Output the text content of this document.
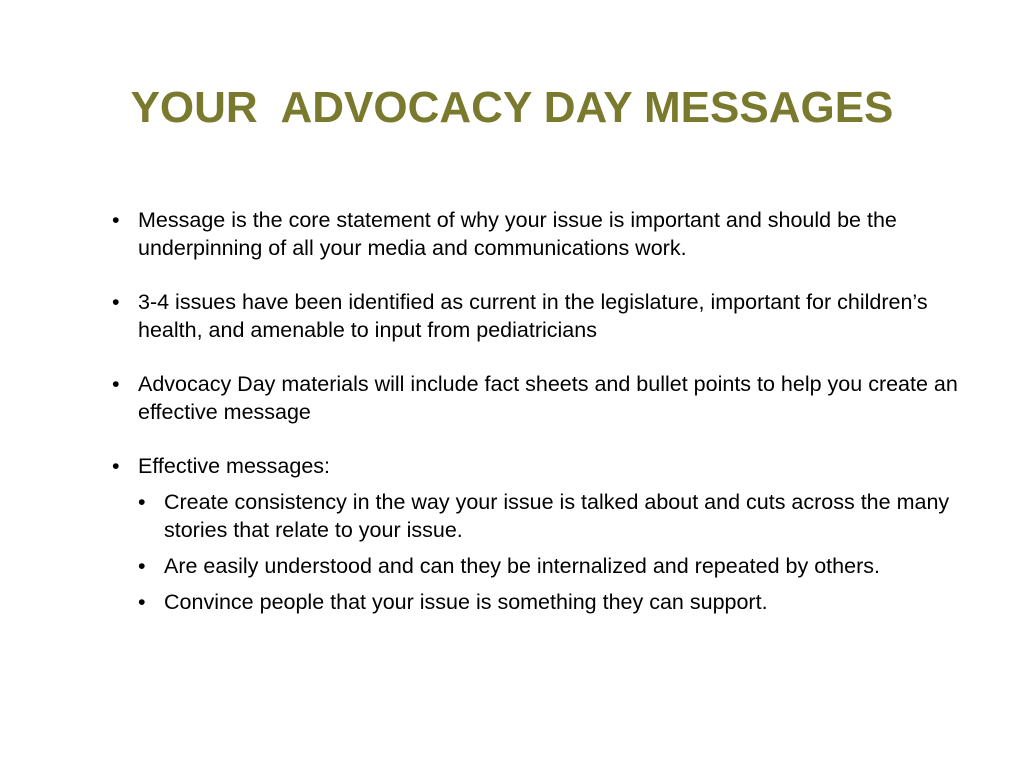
YOUR  ADVOCACY DAY MESSAGES
• Message is the core statement of why your issue is important and should be the underpinning of all your media and communications work.
• 3-4 issues have been identified as current in the legislature, important for children’s health, and amenable to input from pediatricians
• Advocacy Day materials will include fact sheets and bullet points to help you create an effective message
• Effective messages:
• Create consistency in the way your issue is talked about and cuts across the many stories that relate to your issue.
• Are easily understood and can they be internalized and repeated by others.
• Convince people that your issue is something they can support.
